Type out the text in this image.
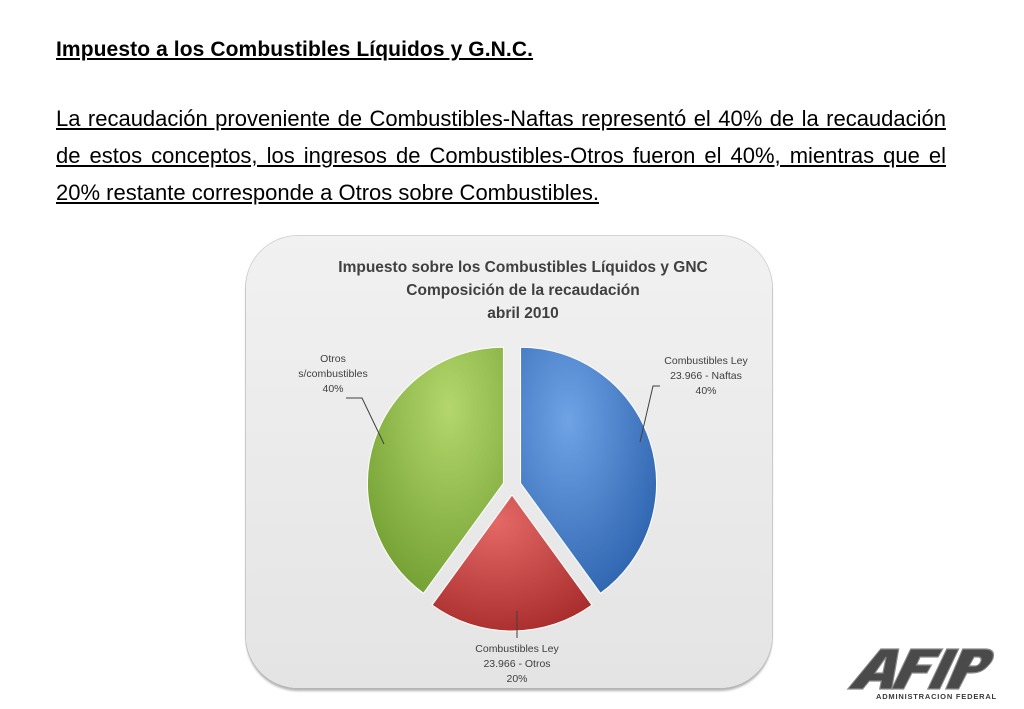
Impuesto a los Combustibles Líquidos y G.N.C.

La recaudación proveniente de Combustibles-Naftas representó el 40% de la recaudación de estos conceptos, los ingresos de Combustibles-Otros fueron el 40%, mientras que el 20% restante corresponde a Otros sobre Combustibles.

Impuesto sobre los Combustibles Líquidos y GNC
Composición de la recaudación
abril 2010
Combustibles Ley
23.966 - Naftas
40%
Combustibles Ley
23.966 - Otros
20%
Otros
s/combustibles
40%
AFIP
ADMINISTRACION FEDERAL
